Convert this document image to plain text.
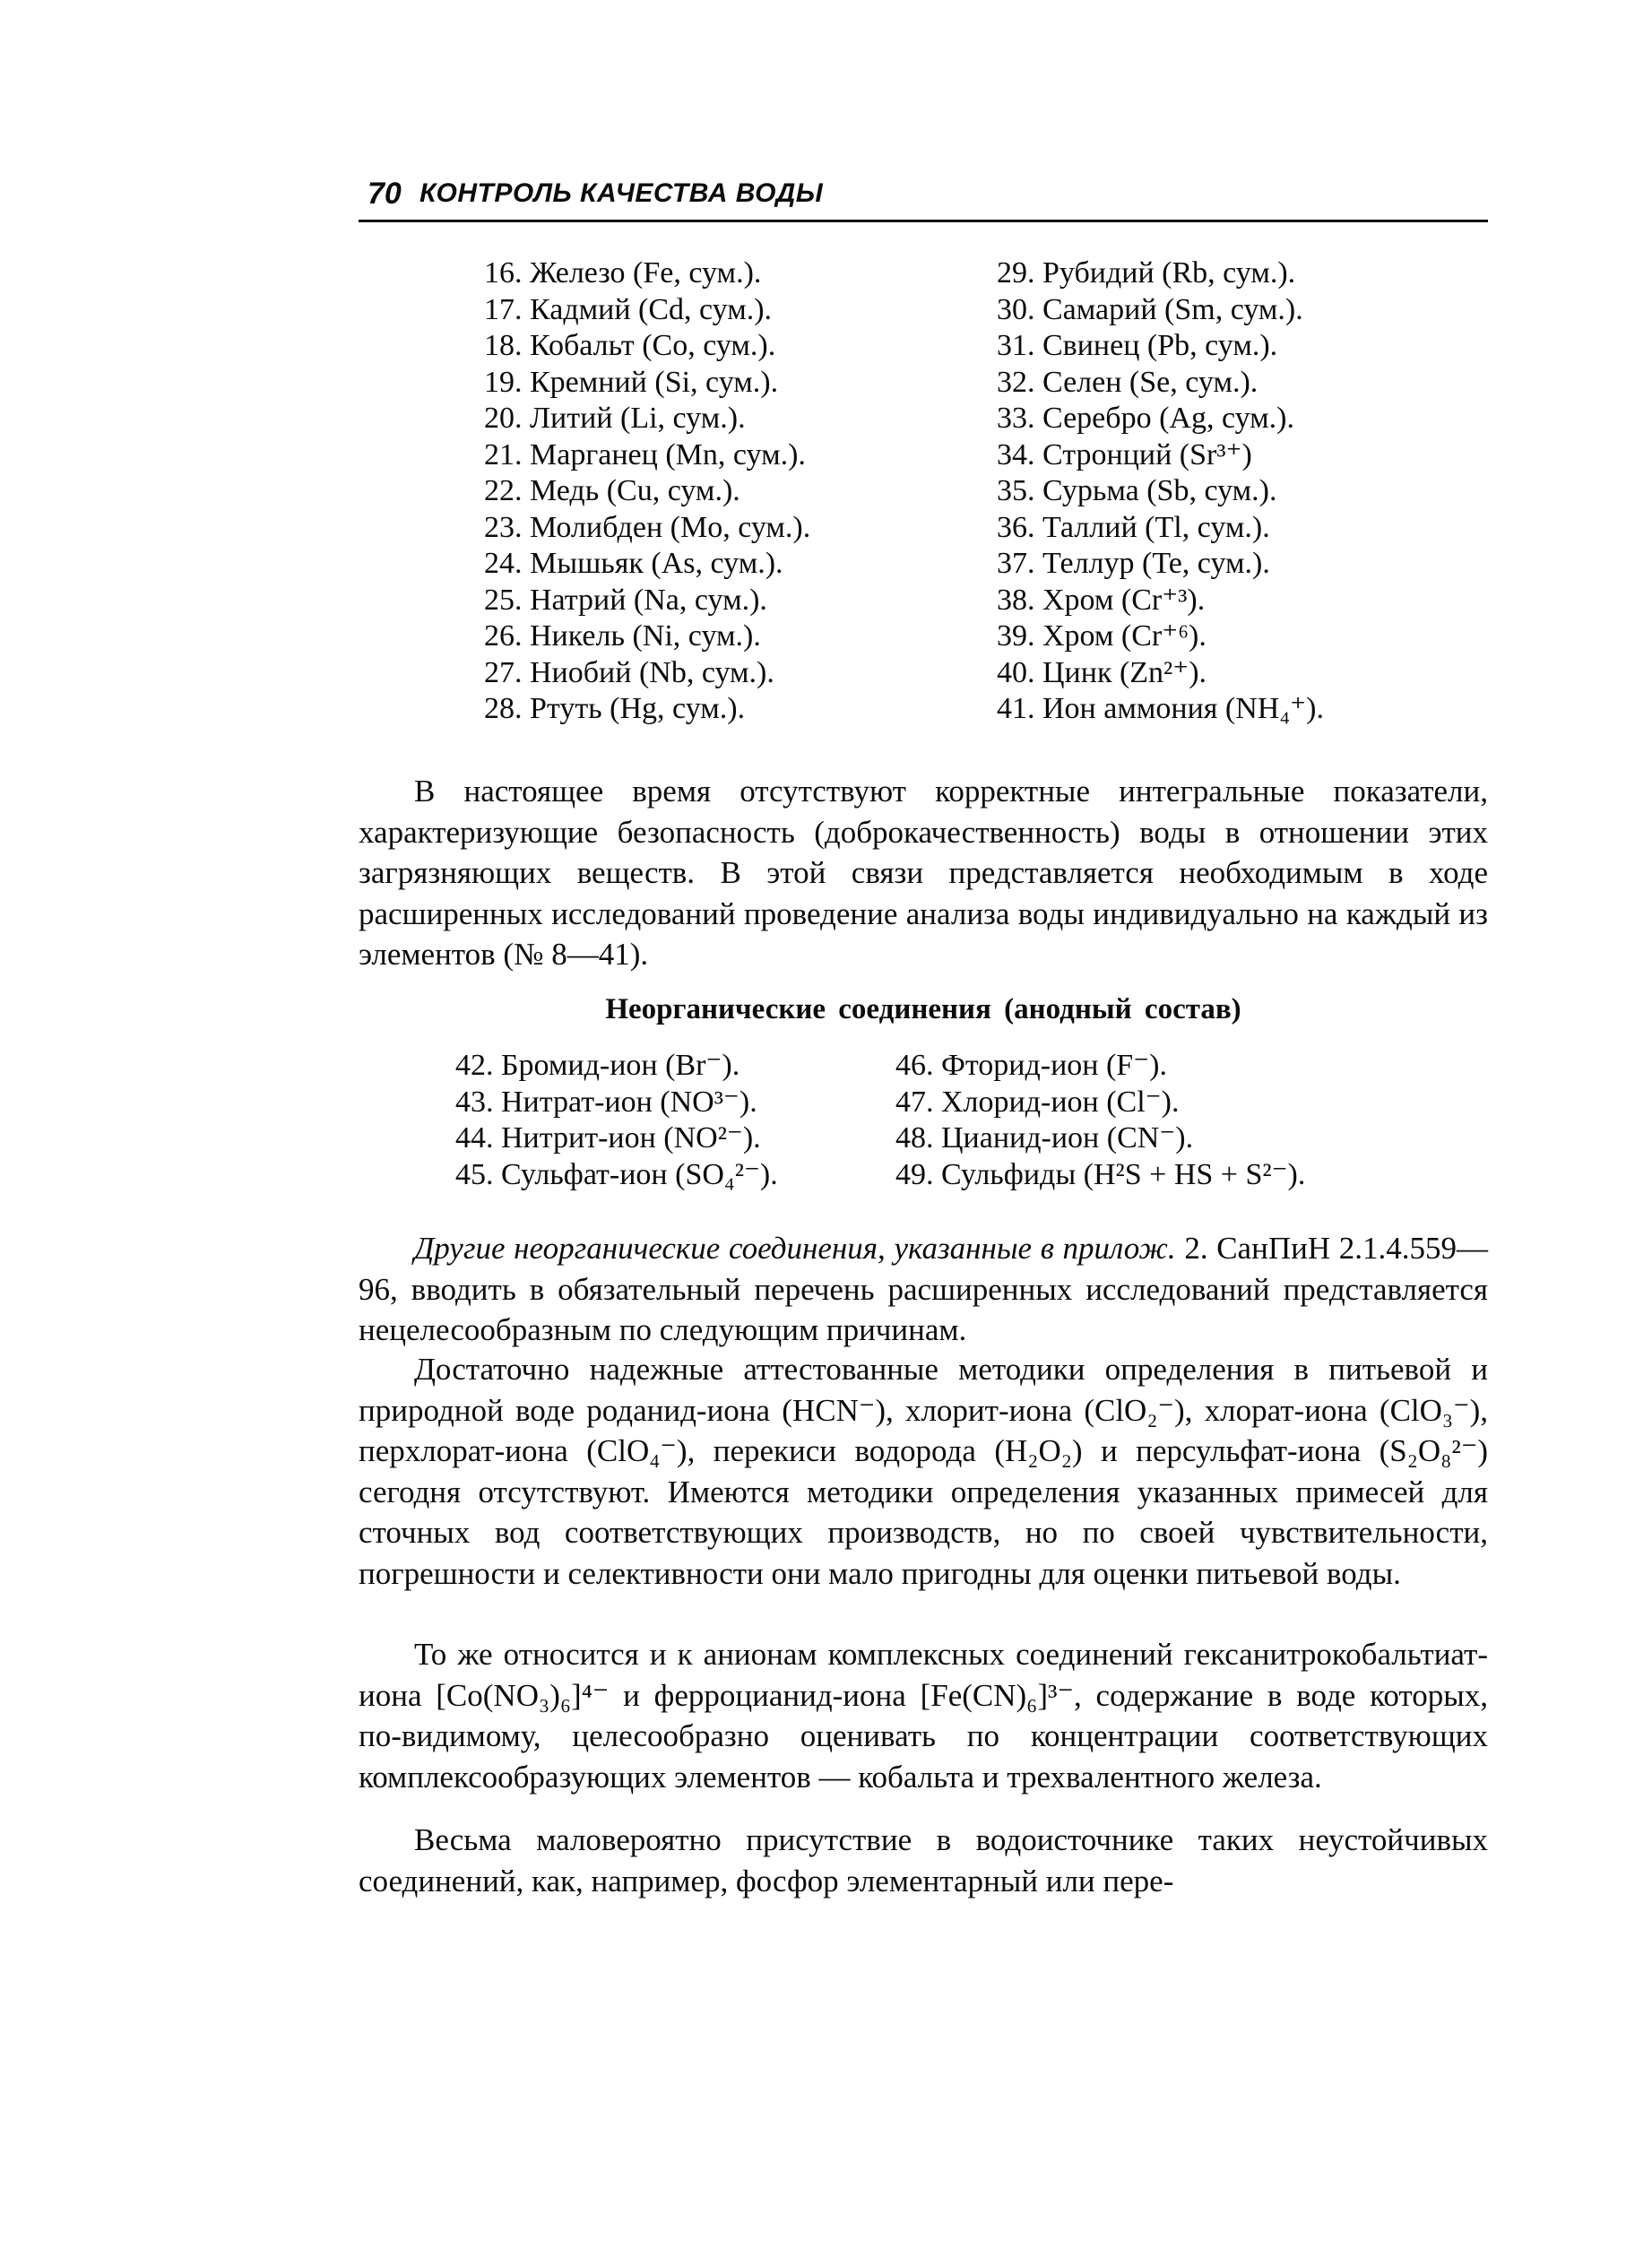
70 КОНТРОЛЬ КАЧЕСТВА ВОДЫ
16. Железо (Fe, сум.).
17. Кадмий (Cd, сум.).
18. Кобальт (Co, сум.).
19. Кремний (Si, сум.).
20. Литий (Li, сум.).
21. Марганец (Mn, сум.).
22. Медь (Cu, сум.).
23. Молибден (Mo, сум.).
24. Мышьяк (As, сум.).
25. Натрий (Na, сум.).
26. Никель (Ni, сум.).
27. Ниобий (Nb, сум.).
28. Ртуть (Hg, сум.).
29. Рубидий (Rb, сум.).
30. Самарий (Sm, сум.).
31. Свинец (Pb, сум.).
32. Селен (Se, сум.).
33. Серебро (Ag, сум.).
34. Стронций (Sr³⁺)
35. Сурьма (Sb, сум.).
36. Таллий (Tl, сум.).
37. Теллур (Te, сум.).
38. Хром (Cr⁺³).
39. Хром (Cr⁺⁶).
40. Цинк (Zn²⁺).
41. Ион аммония (NH₄⁺).

В настоящее время отсутствуют корректные интегральные показатели, характеризующие безопасность (доброкачественность) воды в отношении этих загрязняющих веществ. В этой связи представляется необходимым в ходе расширенных исследований проведение анализа воды индивидуально на каждый из элементов (№ 8—41).

Неорганические соединения (анодный состав)

42. Бромид-ион (Br⁻).
43. Нитрат-ион (NO³⁻).
44. Нитрит-ион (NO²⁻).
45. Сульфат-ион (SO₄²⁻).
46. Фторид-ион (F⁻).
47. Хлорид-ион (Cl⁻).
48. Цианид-ион (CN⁻).
49. Сульфиды (H²S + HS + S²⁻).

Другие неорганические соединения, указанные в прилож. 2. СанПиН 2.1.4.559—96, вводить в обязательный перечень расширенных исследований представляется нецелесообразным по следующим причинам.

Достаточно надежные аттестованные методики определения в питьевой и природной воде роданид-иона (HCN⁻), хлорит-иона (ClO₂⁻), хлорат-иона (ClO₃⁻), перхлорат-иона (ClO₄⁻), перекиси водорода (H₂O₂) и персульфат-иона (S₂O₈²⁻) сегодня отсутствуют. Имеются методики определения указанных примесей для сточных вод соответствующих производств, но по своей чувствительности, погрешности и селективности они мало пригодны для оценки питьевой воды.

То же относится и к анионам комплексных соединений гексанитрокобальтиат-иона [Co(NO₃)₆]⁴⁻ и ферроцианид-иона [Fe(CN)₆]³⁻, содержание в воде которых, по-видимому, целесообразно оценивать по концентрации соответствующих комплексообразующих элементов — кобальта и трехвалентного железа.

Весьма маловероятно присутствие в водоисточнике таких неустойчивых соединений, как, например, фосфор элементарный или пере-
